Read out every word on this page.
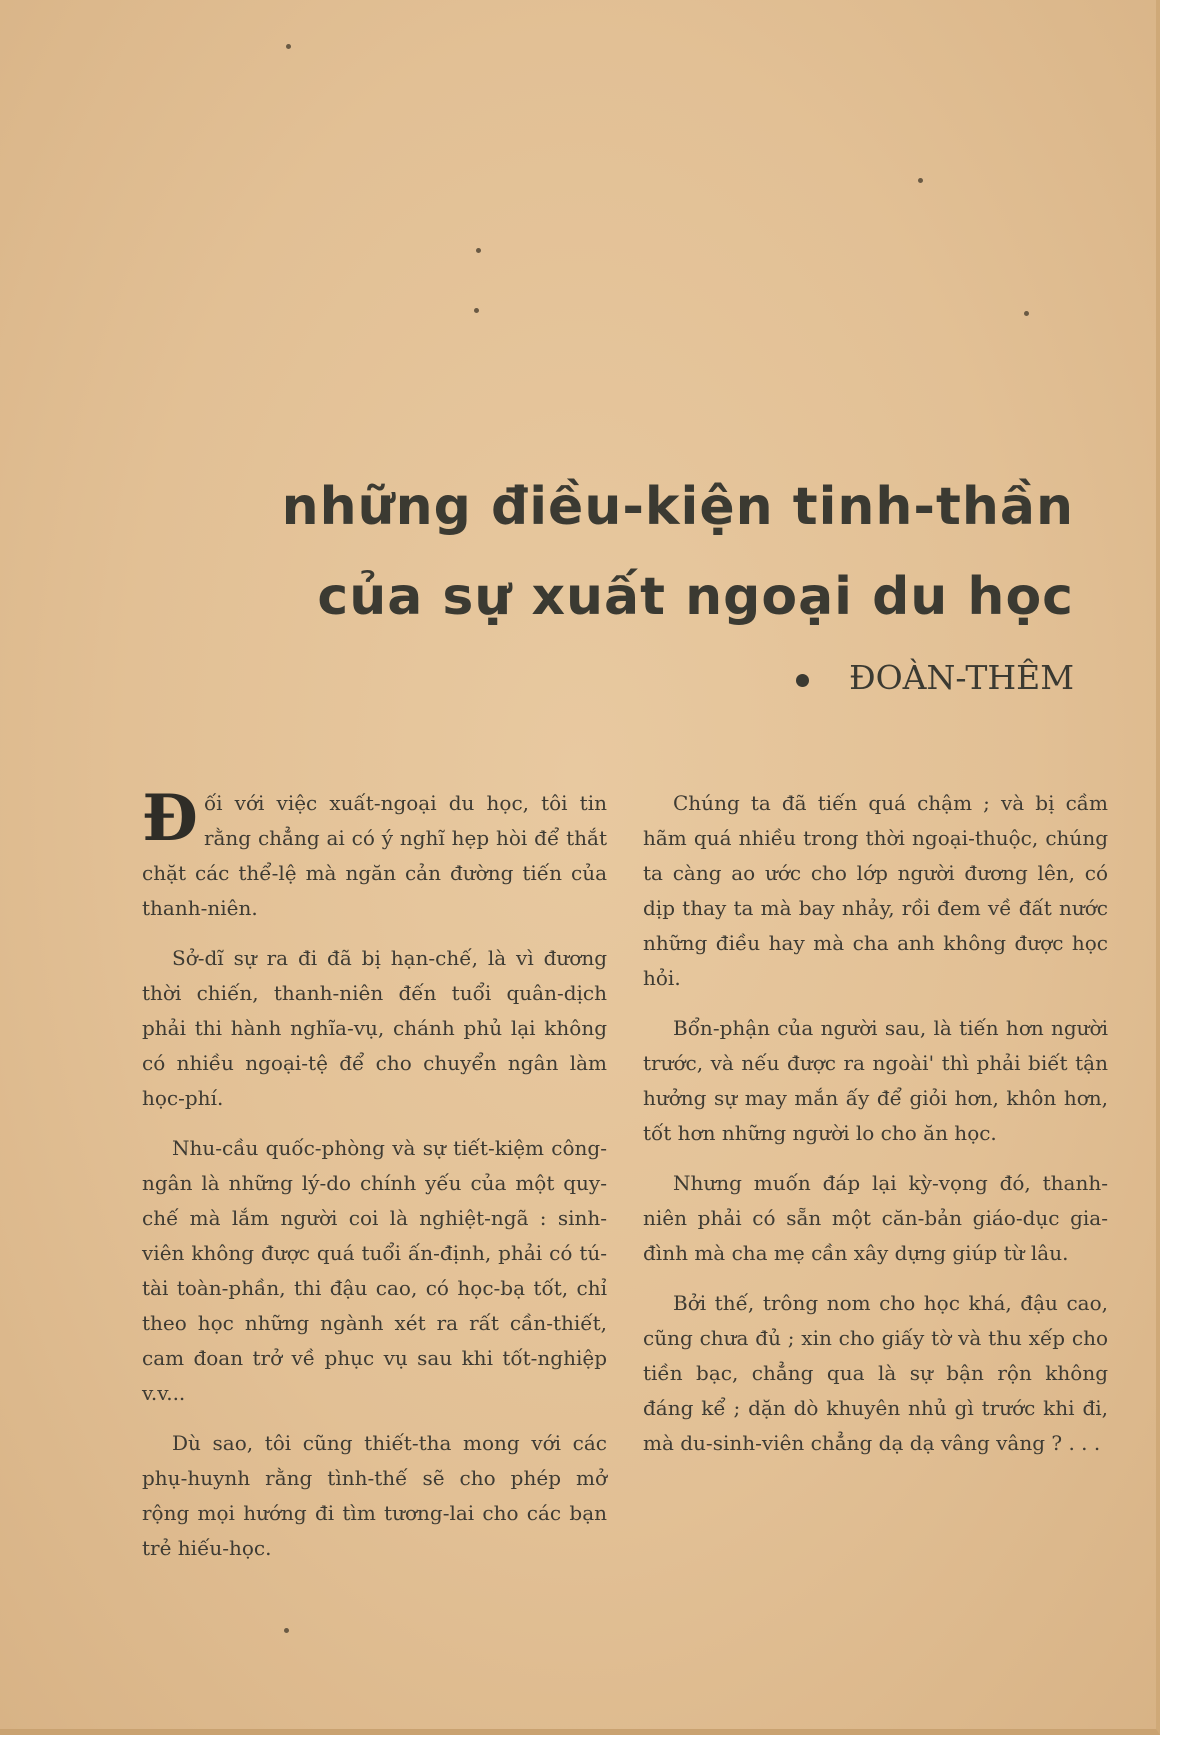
những điều-kiện tinh-thần
của sự xuất ngoại du học
ĐOÀN-THÊM

Đối với việc xuất-ngoại du học, tôi tin rằng chẳng ai có ý nghĩ hẹp hòi để thắt chặt các thể-lệ mà ngăn cản đường tiến của thanh-niên.

Sở-dĩ sự ra đi đã bị hạn-chế, là vì đương thời chiến, thanh-niên đến tuổi quân-dịch phải thi hành nghĩa-vụ, chánh phủ lại không có nhiều ngoại-tệ để cho chuyển ngân làm học-phí.

Nhu-cầu quốc-phòng và sự tiết-kiệm công-ngân là những lý-do chính yếu của một quy-chế mà lắm người coi là nghiệt-ngã : sinh-viên không được quá tuổi ấn-định, phải có tú-tài toàn-phần, thi đậu cao, có học-bạ tốt, chỉ theo học những ngành xét ra rất cần-thiết, cam đoan trở về phục vụ sau khi tốt-nghiệp v.v...

Dù sao, tôi cũng thiết-tha mong với các phụ-huynh rằng tình-thế sẽ cho phép mở rộng mọi hướng đi tìm tương-lai cho các bạn trẻ hiếu-học.

Chúng ta đã tiến quá chậm ; và bị cầm hãm quá nhiều trong thời ngoại-thuộc, chúng ta càng ao ước cho lớp người đương lên, có dịp thay ta mà bay nhảy, rồi đem về đất nước những điều hay mà cha anh không được học hỏi.

Bổn-phận của người sau, là tiến hơn người trước, và nếu được ra ngoài' thì phải biết tận hưởng sự may mắn ấy để giỏi hơn, khôn hơn, tốt hơn những người lo cho ăn học.

Nhưng muốn đáp lại kỳ-vọng đó, thanh-niên phải có sẵn một căn-bản giáo-dục gia-đình mà cha mẹ cần xây dựng giúp từ lâu.

Bởi thế, trông nom cho học khá, đậu cao, cũng chưa đủ ; xin cho giấy tờ và thu xếp cho tiền bạc, chẳng qua là sự bận rộn không đáng kể ; dặn dò khuyên nhủ gì trước khi đi, mà du-sinh-viên chẳng dạ dạ vâng vâng ? . . .
